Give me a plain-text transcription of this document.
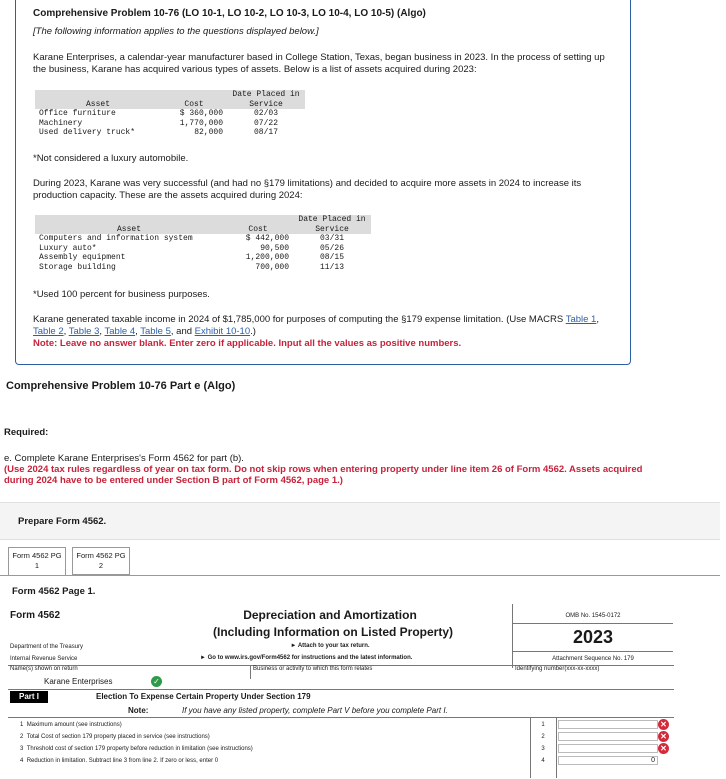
Comprehensive Problem 10-76 (LO 10-1, LO 10-2, LO 10-3, LO 10-4, LO 10-5) (Algo)
[The following information applies to the questions displayed below.]
Karane Enterprises, a calendar-year manufacturer based in College Station, Texas, began business in 2023. In the process of setting up the business, Karane has acquired various types of assets. Below is a list of assets acquired during 2023:
		Date Placed in
Asset	Cost	Service
Office furniture	$ 360,000	02/03
Machinery	1,770,000	07/22
Used delivery truck*	82,000	08/17
*Not considered a luxury automobile.
During 2023, Karane was very successful (and had no §179 limitations) and decided to acquire more assets in 2024 to increase its production capacity. These are the assets acquired during 2024:
		Date Placed in
Asset	Cost	Service
Computers and information system	$ 442,000	03/31
Luxury auto*	90,500	05/26
Assembly equipment	1,200,000	08/15
Storage building	700,000	11/13
*Used 100 percent for business purposes.
Karane generated taxable income in 2024 of $1,785,000 for purposes of computing the §179 expense limitation. (Use MACRS Table 1, Table 2, Table 3, Table 4, Table 5, and Exhibit 10-10.)
Note: Leave no answer blank. Enter zero if applicable. Input all the values as positive numbers.
Comprehensive Problem 10-76 Part e (Algo)
Required:
e. Complete Karane Enterprises's Form 4562 for part (b).
(Use 2024 tax rules regardless of year on tax form. Do not skip rows when entering property under line item 26 of Form 4562. Assets acquired during 2024 have to be entered under Section B part of Form 4562, page 1.)
Prepare Form 4562.
Form 4562 PG
1
Form 4562 PG
2
Form 4562 Page 1.
Form 4562	Depreciation and Amortization
(Including Information on Listed Property)
► Attach to your tax return.
► Go to www.irs.gov/Form4562 for instructions and the latest information.
Department of the Treasury
Internal Revenue Service
OMB No. 1545-0172
2023
Attachment Sequence No. 179
Name(s) shown on return	Business or activity to which this form relates	Identifying number(xxx-xx-xxxx)
Karane Enterprises	✓
Part I	Election To Expense Certain Property Under Section 179
Note:	If you have any listed property, complete Part V before you complete Part I.
1 Maximum amount (see instructions)
2 Total Cost of section 179 property placed in service (see instructions)
3 Threshold cost of section 179 property before reduction in limitation (see instructions)
4 Reduction in limitation. Subtract line 3 from line 2. If zero or less, enter 0
1
2
3
4	0
✕
✕
✕
